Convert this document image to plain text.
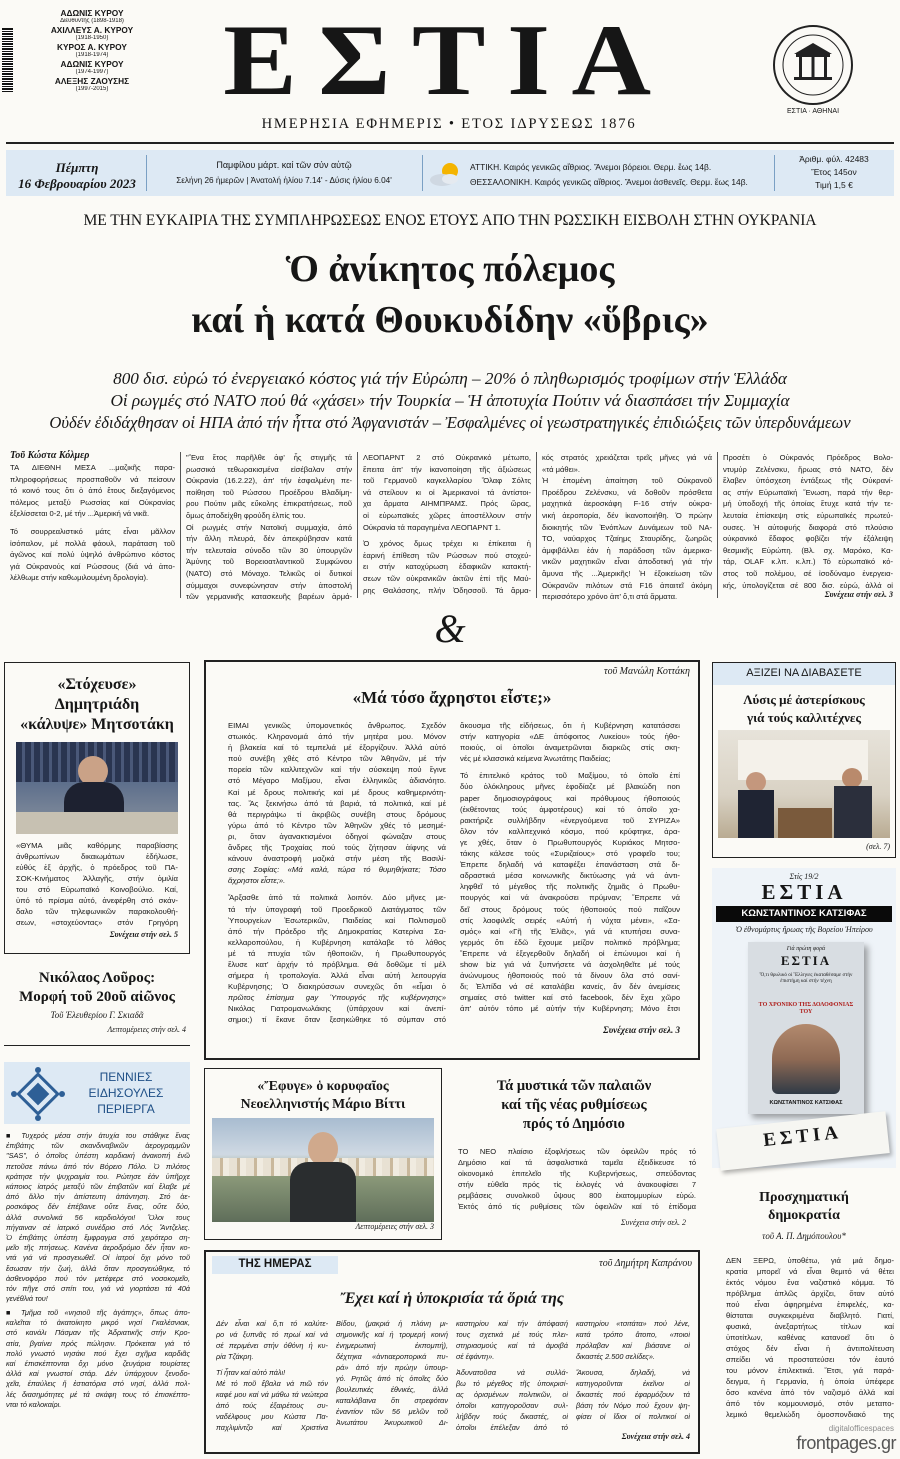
ΑΔΩΝΙΣ ΚΥΡΟΥ
Διευθυντής (1898-1918)
ΑΧΙΛΛΕΥΣ Α. ΚΥΡΟΥ
(1918-1950)
ΚΥΡΟΣ Α. ΚΥΡΟΥ
(1918-1974)
ΑΔΩΝΙΣ ΚΥΡΟΥ
(1974-1997)
ΑΛΕΞΗΣ ΖΑΟΥΣΗΣ
(1997-2015)	ΕΣΤΙΑ
ΗΜΕΡΗΣΙΑ ΕΦΗΜΕΡΙΣ • ΕΤΟΣ ΙΔΡΥΣΕΩΣ 1876
ΕΣΤΙΑ · ΑΘΗΝΑΙ
Πέμπτη
16 Φεβρουαρίου 2023
Παμφίλου μάρτ. καί τῶν σύν αὐτῷ
Σελήνη 26 ἡμερῶν | Ἀνατολή ἡλίου 7.14' - Δύσις ἡλίου 6.04'
ΑΤΤΙΚΗ. Καιρός γενικῶς αἴθριος. Ἄνεμοι βόρειοι. Θερμ. ἕως 14β.
ΘΕΣΣΑΛΟΝΙΚΗ. Καιρός γενικῶς αἴθριος. Ἄνεμοι ἀσθενεῖς. Θερμ. ἕως 14β.
Ἀριθμ. φύλ. 42483
Ἔτος 145ον
Τιμή 1,5 €
ΜΕ ΤΗΝ ΕΥΚΑΙΡΙΑ ΤΗΣ ΣΥΜΠΛΗΡΩΣΕΩΣ ΕΝΟΣ ΕΤΟΥΣ ΑΠΟ ΤΗΝ ΡΩΣΣΙΚΗ ΕΙΣΒΟΛΗ ΣΤΗΝ ΟΥΚΡΑΝΙΑ
Ὁ ἀνίκητος πόλεμος
καί ἡ κατά Θουκυδίδην «ὕβρις»
800 δισ. εὐρώ τό ἐνεργειακό κόστος γιά τήν Εὐρώπη – 20% ὁ πληθωρισμός τροφίμων στήν Ἑλλάδα
Οἱ ρωγμές στό ΝΑΤΟ πού θά «χάσει» τήν Τουρκία – Ἡ ἀποτυχία Πούτιν νά διασπάσει τήν Συμμαχία
Οὐδέν ἐδιδάχθησαν οἱ ΗΠΑ ἀπό τήν ἧττα στό Ἀφγανιστάν – Ἐσφαλμένες οἱ γεωστρατηγικές ἐπιδιώξεις τῶν ὑπερδυνάμεων
Τοῦ Κώστα Κόλμερ
ΤΑ ΔΙΕΘΝΗ ΜΕΣΑ ...μαζικῆς παρα-
πληροφορήσεως προσπαθοῦν νά πείσουν
τό κοινό τους ὅτι ὁ ἀπό ἔτους διεξαγόμενος
πόλεμος μεταξύ Ρωσσίας καί Οὐκρανίας
ἐξελίσσεται 0-2, μέ τήν ...Ἀμερική νά νικᾶ.
Τό σουρρεαλιστικό μάτς εἶναι μᾶλλον
ἰσόπαλον, μέ πολλά φάουλ, παράταση τοῦ
ἀγῶνος καί πολύ ὑψηλό ἀνθρώπινο κόστος
γιά Οὐκρανούς καί Ρώσσους (διά νά ἀπο-
λέλθωμε στήν καθωμιλουμένη δρολογία).
"Ἕνα ἔτος παρῆλθε ἀφ' ἧς στιγμῆς τά
ρωσσικά τεθωρακισμένα εἰσέβαλαν στήν
Οὐκρανία (16.2.22), ἀπ' τήν ἐσφαλμένη πε-
ποίθηση τοῦ Ρώσσου Προέδρου Βλαδίμη-
ρου Πούτιν μιᾶς εὔκολης ἐπικρατήσεως, ποῦ
ὅμως ἀποδείχθη φρούδη ἐλπίς του.
Οἱ ρωγμές στήν Νατοϊκή συμμαχία, ἀπό
τήν ἄλλη πλευρά, δέν ἀπεκρύβησαν κατά
τήν τελευταία σύνοδο τῶν 30 ὑπουργῶν
Ἀμύνης τοῦ Βορειοατλαντικοῦ Συμφώνου
(NATO) στό Μόναχο. Τελικῶς οἱ δυτικοί
σύμμαχοι συνεφώνησαν στήν ἀποστολή
τῶν γερμανικῆς κατασκευῆς βαρέων ἁρμά-
ΛΕΟΠΑΡΝΤ 2 στό Οὐκρανικό μέτωπο,
ἔπειτα ἀπ' τήν ἱκανοποίηση τῆς ἀξιώσεως
τοῦ Γερμανοῦ καγκελλαρίου Ὄλαφ Σόλτς
νά στείλουν κι οἱ Ἀμερικανοί τά ἀντίστοι-
χα ἅρματα ΑΙΗΜΠΡΑΜΣ. Πρός ὥρας,
οἱ εὐρωπαϊκές χῶρες ἀποστέλλουν στήν
Οὐκρανία τά παραγημένα ΛΕΟΠΑΡΝΤ 1.
Ὁ χρόνος δμως τρέχει κι ἐπίκειται ἡ
ἐαρινή ἐπίθεση τῶν Ρώσσων πού στοχεύ-
ει στήν κατοχύρωση ἐδαφικῶν κατακτή-
σεων τῶν οὐκρανικῶν ἀκτῶν ἐπί τῆς Μαύ-
ρης Θαλάσσης, πλήν Ὀδησσοῦ. Τά ἅρμα-
κός στρατός χρειάζεται τρεῖς μῆνες γιά νά
«τά μάθει».
Ἡ ἐπομένη ἀπαίτηση τοῦ Οὐκρανοῦ
Προέδρου Ζελένσκυ, νά δοθοῦν πρόσθετα
μαχητικά ἀεροσκάφη F-16 στήν οὐκρα-
νική ἀεροπορία, δέν ἱκανοποιήθη. Ὁ πρώην
διοικητής τῶν Ἐνόπλων Δυνάμεων τοῦ ΝΑ-
ΤΟ, ναύαρχος Τζαίημς Σταυρίδης, ζωηρῶς
ἀμφιβάλλει ἐάν ἡ παράδοση τῶν ἀμερικα-
νικῶν μαχητικῶν εἶναι ἀποδοτική γιά τήν
ἄμυνα τῆς ...Ἀμερικῆς! Ἡ ἐξοικείωση τῶν
Οὐκρανῶν πιλότων στά F16 ἀπαιτεῖ ἀκόμη
περισσότερο χρόνο ἀπ' ὅ,τι στά ἅρματα.
Προσέτι ὁ Οὐκρανός Πρόεδρος Βολο-
ντυμύρ Ζελένσκυ, ἥρωας στό ΝΑΤΟ, δέν
ἔλαβεν ὑπόσχεση ἐντάξεως τῆς Οὐκρανί-
ας στήν Εὐρωπαϊκή Ἕνωση, παρά τήν θερ-
μή ὑποδοχή τῆς ὁποίας ἔτυχε κατά τήν τε-
λευταία ἐπίσκεψη στίς εὐρωπαϊκές πρωτεύ-
ουσες. Ἡ αὐτοφυής διαφορά στό πλούσιο
οὐκρανικό ἔδαφος φοβίζει τήν ἐξάλειψη
θεσμικῆς Εὐρώπη. (Βλ. σχ. Μαρόκο, Κα-
τάρ, OLAF κ.λπ. κ.λπ.) Τό εὐρωπαϊκό κό-
στος τοῦ πολέμου, σέ ἰσοδύναμο ἐνεργεια-
κής, ὑπολογίζεται σέ 800 δισ. εὐρώ, ἀλλά οἱ
Συνέχεια στήν σελ. 3
&
«Στόχευσε»
Δημητριάδη
«κάλυψε» Μητσοτάκη
«ΘΥΜΑ μιᾶς καθόρμης παραβίασης
ἀνθρωπίνων δικαιωμάτων ἐδήλωσε,
εὐθύς ἐξ ἀρχῆς, ὁ πρόεδρος τοῦ ΠΑ-
ΣΟΚ-Κινήματος Ἀλλαγῆς, στήν ὁμιλία
του στό Εὐρωπαϊκό Κοινοβούλιο. Καί,
ὑπό τό πρίσμα αὐτό, ἀνεφέρθη στό σκάν-
δαλο τῶν τηλεφωνικῶν παρακολουθή-
σεων, «στοχεύοντας» στόν Γρηγόρη
Συνέχεια στήν σελ. 5
Νικόλαος Λοῦρος:
Μορφή τοῦ 20οῦ αἰῶνος
Τοῦ Ἐλευθερίου Γ. Σκιαδᾶ
Λεπτομέρειες στήν σελ. 4
ΠΕΝΝΙΕΣ
ΕΙΔΗΣΟΥΛΕΣ
ΠΕΡΙΕΡΓΑ
■ Τυχερός μέσα στήν ἀτυχία του στάθηκε ἕνας
ἐπιβάτης τῶν σκανδιναβικῶν ἀερογραμμῶν
"SAS", ὁ ὁποῖος ὑπέστη καρδιακή ἀνακοπή ἐνῶ
πετοῦσε πάνω ἀπό τόν Βόρειο Πόλο. Ὁ πιλότος
κράτησε τήν ψυχραιμία του. Ρώτησε ἐάν ὑπῆρχε
κάποιος ἰατρός μεταξύ τῶν ἐπιβατῶν καί ἔλαβε μέ
ἀπό ἄλλο τήν ἀπίστευτη ἀπάντηση. Στό ἀε-
ροσκάφος δέν ἐπέβαινε οὔτε ἕνας, οὔτε δύο,
ἀλλά συνολικά 56 καρδιολόγοι! Ὅλοι τους
πήγαιναν σέ ἰατρικό συνέδριο στό Λός Ἄντζελες.
Ὁ ἐπιβάτης ὑπέστη ἔμφραγμα στό χειρότερο ση-
μεῖο τῆς πτήσεως. Κανένα ἀεροδρόμιο δέν ἦταν κο-
ντά γιά νά προσγειωθεῖ. Οἱ ἰατροί ὅχι μόνο τοῦ
ἔσωσαν τήν ζωή, ἀλλά ὅταν προσγειώθηκε, τό
ἀσθενοφόρο πού τόν μετέφερε στό νοσοκομεῖο,
τόν πῆγε στό σπίτι του, γιά νά γιορτάσει τά 40ά
γενέθλιά του!
■ Τμῆμα τοῦ «νησιοῦ τῆς ἀγάπης», ὅπως ἀπο-
καλεῖται τό ἀκατοίκητο μικρό νησί Γκαλέσνιακ,
στό κανάλι Πάσμαν τῆς Ἀδριατικῆς στήν Κρο-
ατία, βγαίνει πρός πώλησιν. Πρόκειται γιά τό
πολύ γνωστό νησάκι πού ἔχει σχῆμα καρδιᾶς
καί ἐπισκέπτονται ὄχι μόνο ζευγάρια τουρίστες
ἀλλά καί γνωστοί στάρ. Δέν ὑπάρχουν ξενοδο-
χεῖα, ἐπαύλεις ἤ ἐστιατόρια στό νησί, ἀλλά πολ-
λές διασημότητες μέ τά σκάφη τους τό ἐπισκέπτο-
νται τό καλοκαίρι.
τοῦ Μανώλη Κοττάκη
«Μά τόσο ἄχρηστοι εἶστε;»
ΕΙΜΑΙ γενικῶς ὑπομονετικός ἄνθρωπος. Σχεδόν
στωικός. Κληρονομιά ἀπό τήν μητέρα μου. Μόνον
ἡ βλακεία καί τό τεμπελιά μέ ἐξοργίζουν. Ἀλλά αὐτό
πού συνέβη χθές στό Κέντρο τῶν Ἀθηνῶν, μέ τήν
πορεία τῶν καλλιτεχνῶν καί τήν σύσκεψη πού ἔγινε
στό Μέγαρο Μαξίμου, εἶναι ἐλληνικῶς ἀδιανόητο.
Καί μέ δρους πολιτικής καί μέ δρους καθημερινότη-
τας. Ἄς ξεκινήσω ἀπό τά βαριά, τά πολιτικά, καί μέ
θά περιγράψω τί ἀκριβῶς συνέβη στους δρόμους
γύρω ἀπό τό Κέντρο τῶν Ἀθηνῶν χθές τό μεσημέ-
ρι, ὅταν ἀγανακτισμένοι ὁδηγοί φώναζαν στους
ἄνδρες τῆς Τροχαίας πού τούς ζήτησαν ἀίφνης νά
κάνουν ἀναστροφή μαζικά στήν μέση τῆς Βασιλί-
σσης Σοφίας: «Μά καλά, τώρα τό θυμηθήκατε; Τόσο
ἄχρηστοι εἶστε;».
Ἄρξασθε ἀπό τά πολιτικά λοιπόν. Δύο μῆνες με-
τά τήν ὑπογραφή τοῦ Προεδρικοῦ Διατάγματος τῶν
Ὑπουργείων Ἐσωτερικῶν, Παιδείας καί Πολιτισμοῦ
ἀπό τήν Πρόεδρο τῆς Δημοκρατίας Κατερίνα Σα-
κελλαροπούλου, ἡ Κυβέρνηση κατάλαβε τό λάθος
μέ τά πτυχία τῶν ἠθοποιῶν, ἡ Πρωθυπουργός
ἔλυσε κατ' ἀρχήν τό πρόβλημα. Θά δοθῶμε τί μέλ
σήμερα ἡ τροπολογία. Ἀλλά εἶναι αὐτή λειτουργία
Κυβέρνησης; Ὁ διακηρύσσων συνεχῶς ὅτι «εἶμαι ὁ
πρῶτος ἐπίσημα gay Ὑπουργός τῆς κυβέρνησης»
Νικόλας Γιατρομανωλάκης (ὑπάρχουν καί ἀνεπί-
σημοι;) τί ἔκανε ὅταν ξεσηκώθηκε τό σύμπαν στό
ἄκουσμα τῆς εἰδήσεως, ὅτι ἡ Κυβέρνηση κατατάσσει
στήν κατηγορία «ΔΕ ἀπόφοιτος Λυκείου» τούς ἠθο-
ποιούς, οἱ ὁποῖοι ἀναμετρῶνται διαρκῶς στίς σκη-
νές μέ κλασσικά κείμενα Ἀνωτάτης Παιδείας;
Τό ἐπιτελικό κράτος τοῦ Μαξίμου, τό ὁποῖο ἐπί
δύο ὁλόκληρους μῆνες ἐφοδίαζε μέ βλακώδη non
paper δημοσιογράφους καί πρόθυμους ἠθοποιούς
(ἐκθέτοντας τούς ἀμφοτέρους) καί τό ὁποῖο χα-
ρακτήριζε συλλήβδην «ἐνεργούμενα τοῦ ΣΥΡΙΖΑ»
ὅλον τόν καλλιτεχνικό κόσμο, πού κρύφτηκε, ἀρα-
γε χθές, ὅταν ὁ Πρωθυπουργός Κυριάκος Μητσο-
τάκης κάλεσε τούς «Συριζαίους» στό γραφεῖο του;
Ἐπρεπε δηλαδή νά καταφέξει ἐπανάσταση στά δι-
αδραστικά μέσα κοινωνικῆς δικτύωσης γιά νά ἀντι-
ληφθεῖ τό μέγεθος τῆς πολιτικῆς ζημιᾶς ὁ Πρωθυ-
πουργός καί νά ἀνακρούσει πρύμναν; Ἔπρεπε νά
δεῖ στους δρόμους τούς ἠθοποιούς πού παῖζουν
στίς λαοφιλεῖς σειρές «Αὐτή ἡ νύχτα μένει», «Σα-
σμός» καί «Γῆ τῆς Ἐλιᾶς», γιά νά κτυπήσει συνα-
γερμός ὅτι ἐδῶ ἔχουμε μείζον πολιτικό πρόβλημα;
Ἔπρεπε νά ἐξεγερθοῦν δηλαδή οἱ ἐπώνυμοι καί ἡ
show biz γιά νά ξυπνήσετε νά ἀσχοληθεῖτε μέ τούς
ἀνώνυμους ἠθοποιούς πού τά δίνουν ὅλα στό σανί-
δι; Ἐλπίδα νά σέ καταλάβει κανείς, ἄν δέν ἀνεμίσεις
σημαίες στό twitter καί στό facebook, δέν ἔχει χῶρο
ἀπ' αὐτόν τόπο μέ αὐτήν τήν Κυβέρνηση; Μόνο ἔτσι
Συνέχεια στήν σελ. 3
ΑΞΙΖΕΙ ΝΑ ΔΙΑΒΑΣΕΤΕ
Λύσις μέ ἀστερίσκους
γιά τούς καλλιτέχνες
(σελ. 7)
Στίς 19/2
ΕΣΤΙΑ
ΚΩΝΣΤΑΝΤΙΝΟΣ ΚΑΤΣΙΦΑΣ
Ὁ ἐθνομάρτυς ἥρωας τῆς Βορείου Ἠπείρου
Γιά πρώτη φορά
ΕΣΤΙΑ
Ὅ,τι θρυλικό οἱ Ἕλληνες ἐκαταθέσαμε στήν ἐπιστήμη καί στήν τέχνη
ΤΟ ΧΡΟΝΙΚΟ ΤΗΣ ΔΟΛΟΦΟΝΙΑΣ ΤΟΥ
ΚΩΝΣΤΑΝΤΙΝΟΣ ΚΑΤΣΙΦΑΣ
ΕΣΤΙΑ
Προσχηματική
δημοκρατία
τοῦ Α. Π. Δημόπουλου*
ΔΕΝ ΞΕΡΩ, ὑποθέτω, γιά μιά δημο-
κρατία μπορεῖ νά εἶναι θεμιτό νά θέτει
ἐκτός νόμου ἕνα ναζιστικό κόμμα. Τό
πρόβλημα ἁπλῶς ἀρχίζει, ὅταν αὐτό
πού εἶναι ἀφηρημένα ἐπιφελές, κα-
θίσταται συγκεκριμένα διαβλητό. Γιατί,
φυσικά, ἀνεξαρτήτως τίτλων καί
ὑποτίτλων, καθένας κατανοεῖ ὅτι ὁ
στόχος δέν εἶναι ἡ ἀντιπολίτευση
σπείδει νά προστατεύσει τόν ἑαυτό
του μόνον ἐπιλεκτικά. Ἔτσι, γιά παρά-
δειγμα, ἡ Γερμανία, ἡ ὁποία ὑπέφερε
ὅσο κανένα ἀπό τόν ναζισμό ἀλλά καί
ἀπό τόν κομμουνισμό, στόν μεταπο-
λεμικό θεμελιώδη ὁμοσπονδιακό της
«Ἔφυγε» ὁ κορυφαῖος
Νεοελληνιστής Μάριο Βίττι
Λεπτομέρειες στήν σελ. 3
Τά μυστικά τῶν παλαιῶν
καί τῆς νέας ρυθμίσεως
πρός τό Δημόσιο
ΤΟ ΝΕΟ πλαίσιο ἐξοφλήσεως τῶν ὀφειλῶν πρός τό
Δημόσιο καί τά ἀσφαλιστικά ταμεῖα ἐξειδίκευσε τό
οἰκονομικό ἐπιτελεῖο τῆς Κυβερνήσεως, σπεύδοντας
στήν εὐθεῖα πρός τίς ἐκλογές νά ἀνακουφίσει 7
ρεμβάσεις συνολικοῦ ὕψους 800 ἑκατομμυρίων εὐρώ.
Ἐκτός ἀπό τίς ρυθμίσεις τῶν ὀφειλῶν καί τό ἐπίδομα
Συνέχεια στήν σελ. 2
ΤΗΣ ΗΜΕΡΑΣ	τοῦ Δημήτρη Καπράνου
Ἔχει καί ἡ ὑποκρισία τά ὅριά της
Δέν εἶναι καί ὅ,τι τό καλύτε-
ρο νά ξυπνᾶς τό πρωί καί νά
σέ περιμένει στήν ὀθόνη ἡ κυ-
ρία Τζάκρη.
Τί ἦταν καί αὐτό πάλι!
Μέ τό ποῦ ἔβαλα νά πιῶ τόν
καφέ μου καί νά μάθω τά νεώτερα
ἀπό τούς ἐξαιρέτους συ-
ναδέλφους μου Κώστα Πα-
παχλιμίντζο καί Χριστίνα
Βίδου, (μακριά ἡ πλάνη μι-
σημονικῆς καί ἡ τρομερή κοινή
ἐνημερωτική ἐκπομπή),
δέχτηκα «ἀντιαεροπορικά πυ-
ρά» ἀπό τήν πρώην ὑπουρ-
γό. Ρητῶς ἀπό τίς ὁποῖες δύο
βουλευτικές ἐθνικές, ἀλλά
καταλάβαινα ὅτι στρεφόταν
ἐναντίον τῶν 56 μελῶν τοῦ
Ἀνωτάτου Ἀκυρωτικοῦ Δι-
καστηρίου καί τήν ἀπόφασή
τους σχετικά μέ τούς πλει-
στηριασμούς καί τά ἀμοιβά
σέ ἐφάντη».
Ἀδυνατοῦσα νά συλλά-
βω τό μέγεθος τῆς ὑποκρισί-
ας ὁρισμένων πολιτικῶν, οἱ
ὁποῖοι κατηγοροῦσαν συλ-
λήβδην τούς δικαστές, οἱ
ὁποῖοι ἐπέλεξαν ἀπό τό
καστηρίου «τσιτάτα» πού λένε,
κατά τρόπο ἄτοπο, «ποιοί
πρόλαβαν καί βιάσανε οἱ
δικαστές 2.500 σελίδες».
Ἄκουσα, δηλαδή, νά
κατηγοροῦνται ἐκεῖνοι οἱ
δικαστές πού ἐφαρμόζουν τά
βάση τόν Νόμο πού ἔχουν ψη-
φίσει οἱ ἴδιοι οἱ πολιτικοί οἱ
Συνέχεια στήν σελ. 4
digitalofficespaces
frontpages.gr
